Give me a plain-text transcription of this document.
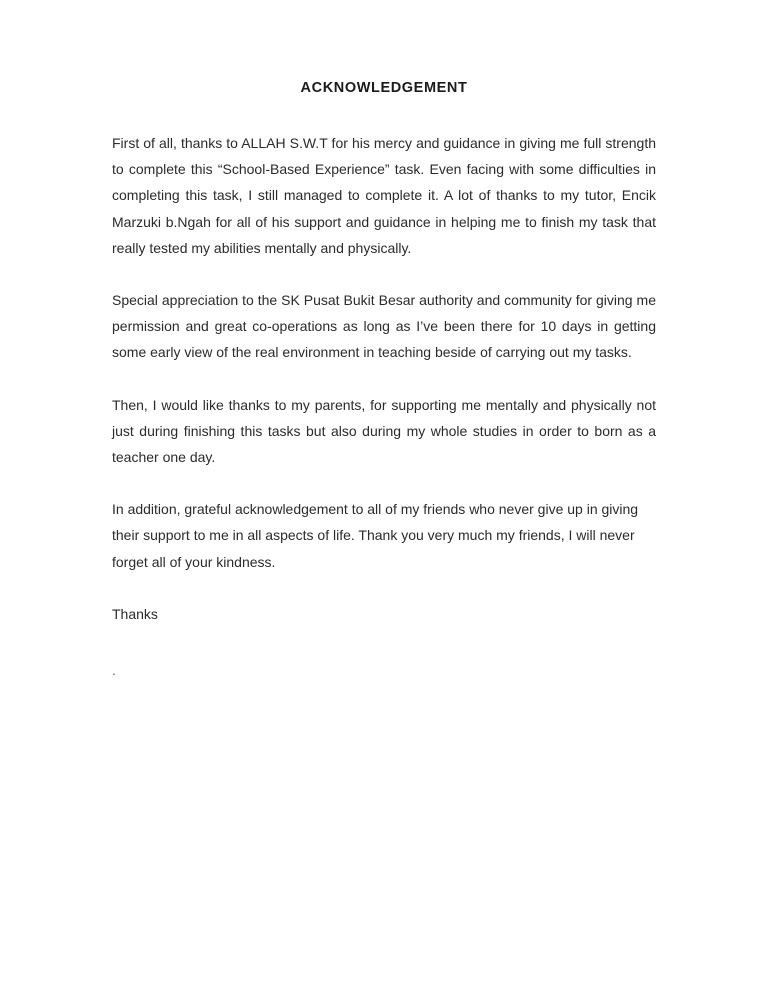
ACKNOWLEDGEMENT

First of all, thanks to ALLAH S.W.T for his mercy and guidance in giving me full strength to complete this “School-Based Experience” task. Even facing with some difficulties in completing this task, I still managed to complete it. A lot of thanks to my tutor, Encik Marzuki b.Ngah for all of his support and guidance in helping me to finish my task that really tested my abilities mentally and physically.

Special appreciation to the SK Pusat Bukit Besar authority and community for giving me permission and great co-operations as long as I’ve been there for 10 days in getting some early view of the real environment in teaching beside of carrying out my tasks.

Then, I would like thanks to my parents, for supporting me mentally and physically not just during finishing this tasks but also during my whole studies in order to born as a teacher one day.

In addition, grateful acknowledgement to all of my friends who never give up in giving their support to me in all aspects of life. Thank you very much my friends, I will never forget all of your kindness.

Thanks

.
